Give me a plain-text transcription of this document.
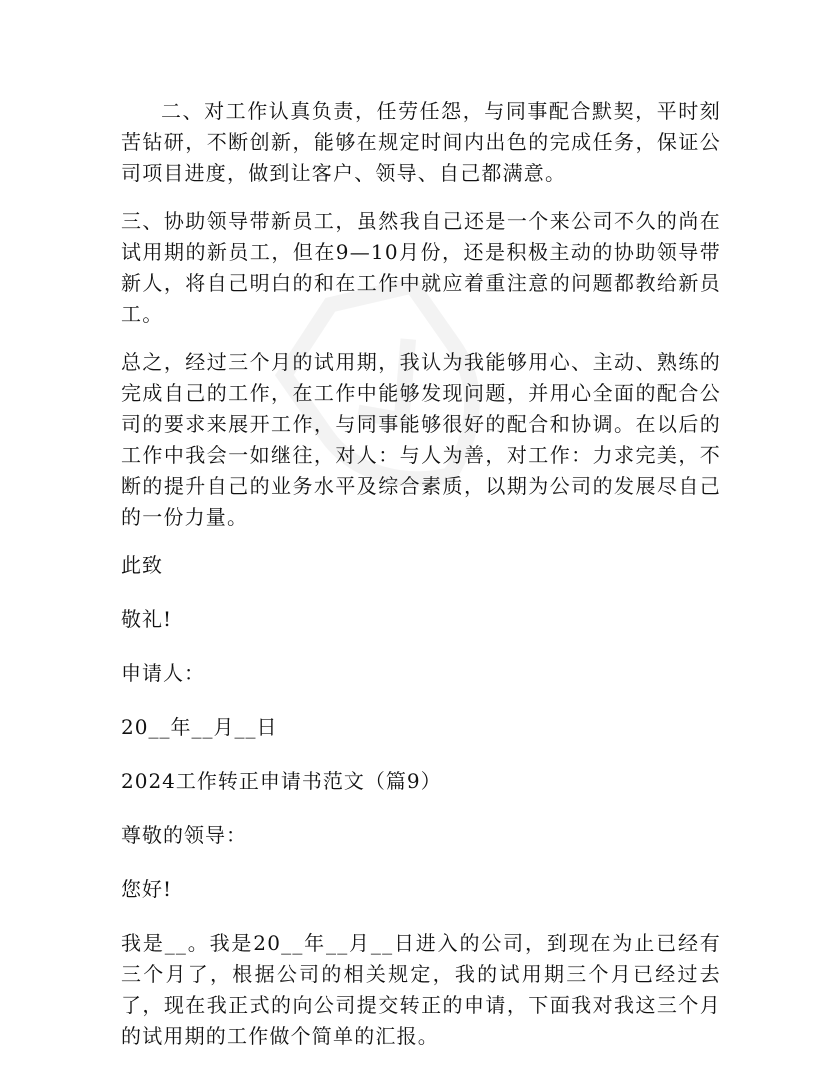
二、对工作认真负责，任劳任怨，与同事配合默契，平时刻苦钻研，不断创新，能够在规定时间内出色的完成任务，保证公司项目进度，做到让客户、领导、自己都满意。

三、协助领导带新员工，虽然我自己还是一个来公司不久的尚在试用期的新员工，但在9—10月份，还是积极主动的协助领导带新人，将自己明白的和在工作中就应着重注意的问题都教给新员工。

总之，经过三个月的试用期，我认为我能够用心、主动、熟练的完成自己的工作，在工作中能够发现问题，并用心全面的配合公司的要求来展开工作，与同事能够很好的配合和协调。在以后的工作中我会一如继往，对人：与人为善，对工作：力求完美，不断的提升自己的业务水平及综合素质，以期为公司的发展尽自己的一份力量。

此致

敬礼!

申请人：

20__年__月__日

2024工作转正申请书范文（篇9）

尊敬的领导：

您好!

我是__。我是20__年__月__日进入的公司，到现在为止已经有三个月了，根据公司的相关规定，我的试用期三个月已经过去了，现在我正式的向公司提交转正的申请，下面我对我这三个月的试用期的工作做个简单的汇报。
